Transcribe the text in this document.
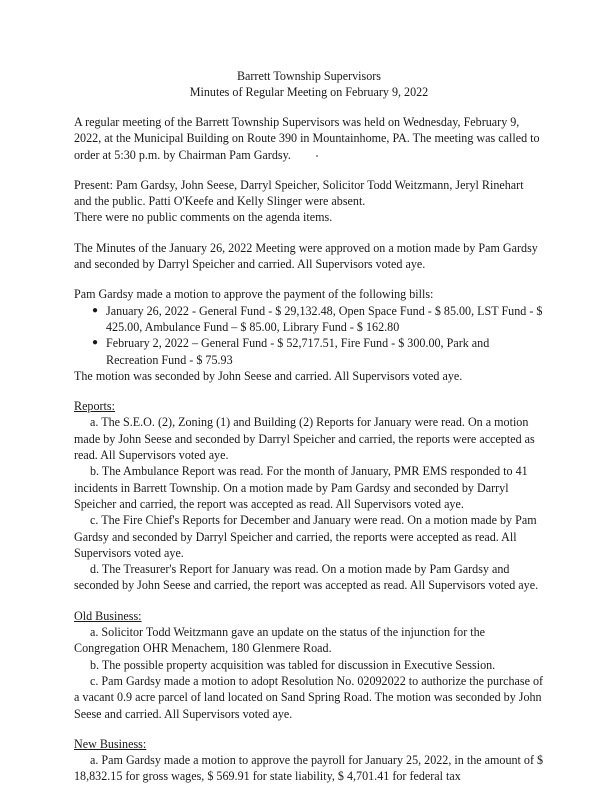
Barrett Township Supervisors
Minutes of Regular Meeting on February 9, 2022

A regular meeting of the Barrett Township Supervisors was held on Wednesday, February 9, 2022, at the Municipal Building on Route 390 in Mountainhome, PA. The meeting was called to order at 5:30 p.m. by Chairman Pam Gardsy.

Present: Pam Gardsy, John Seese, Darryl Speicher, Solicitor Todd Weitzmann, Jeryl Rinehart and the public. Patti O'Keefe and Kelly Slinger were absent.
There were no public comments on the agenda items.

The Minutes of the January 26, 2022 Meeting were approved on a motion made by Pam Gardsy and seconded by Darryl Speicher and carried. All Supervisors voted aye.

Pam Gardsy made a motion to approve the payment of the following bills:
● January 26, 2022 - General Fund - $ 29,132.48, Open Space Fund - $ 85.00, LST Fund - $ 425.00, Ambulance Fund – $ 85.00, Library Fund - $ 162.80
● February 2, 2022 – General Fund - $ 52,717.51, Fire Fund - $ 300.00, Park and Recreation Fund - $ 75.93
The motion was seconded by John Seese and carried. All Supervisors voted aye.
Reports:
a. The S.E.O. (2), Zoning (1) and Building (2) Reports for January were read. On a motion made by John Seese and seconded by Darryl Speicher and carried, the reports were accepted as read. All Supervisors voted aye.
b. The Ambulance Report was read. For the month of January, PMR EMS responded to 41 incidents in Barrett Township. On a motion made by Pam Gardsy and seconded by Darryl Speicher and carried, the report was accepted as read. All Supervisors voted aye.
c. The Fire Chief's Reports for December and January were read. On a motion made by Pam Gardsy and seconded by Darryl Speicher and carried, the reports were accepted as read. All Supervisors voted aye.
d. The Treasurer's Report for January was read. On a motion made by Pam Gardsy and seconded by John Seese and carried, the report was accepted as read. All Supervisors voted aye.
Old Business:
a. Solicitor Todd Weitzmann gave an update on the status of the injunction for the Congregation OHR Menachem, 180 Glenmere Road.
b. The possible property acquisition was tabled for discussion in Executive Session.
c. Pam Gardsy made a motion to adopt Resolution No. 02092022 to authorize the purchase of a vacant 0.9 acre parcel of land located on Sand Spring Road. The motion was seconded by John Seese and carried. All Supervisors voted aye.
New Business:
a. Pam Gardsy made a motion to approve the payroll for January 25, 2022, in the amount of $ 18,832.15 for gross wages, $ 569.91 for state liability, $ 4,701.41 for federal tax
